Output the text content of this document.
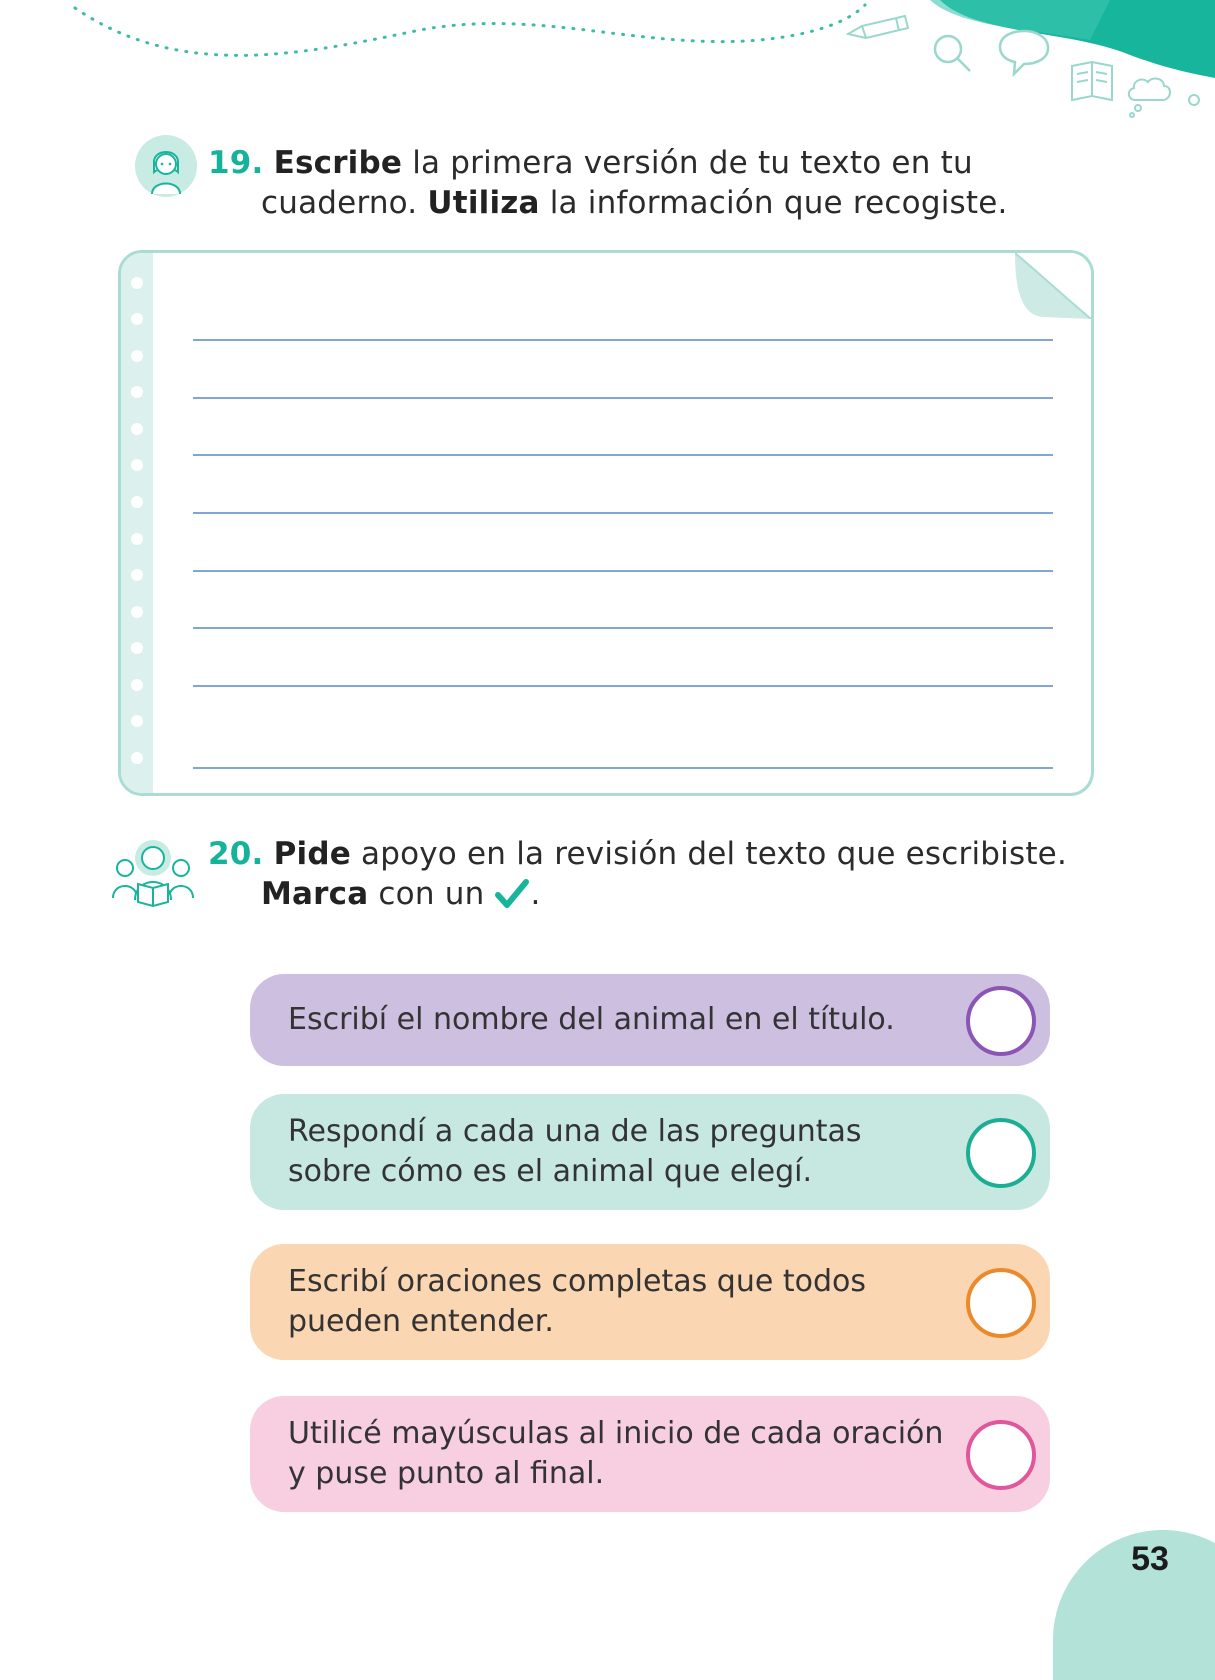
19. Escribe la primera versión de tu texto en tu
cuaderno. Utiliza la información que recogiste.
20. Pide apoyo en la revisión del texto que escribiste.
Marca con un .
Escribí el nombre del animal en el título.
Respondí a cada una de las preguntas
sobre cómo es el animal que elegí.
Escribí oraciones completas que todos
pueden entender.
Utilicé mayúsculas al inicio de cada oración
y puse punto al final.
53
